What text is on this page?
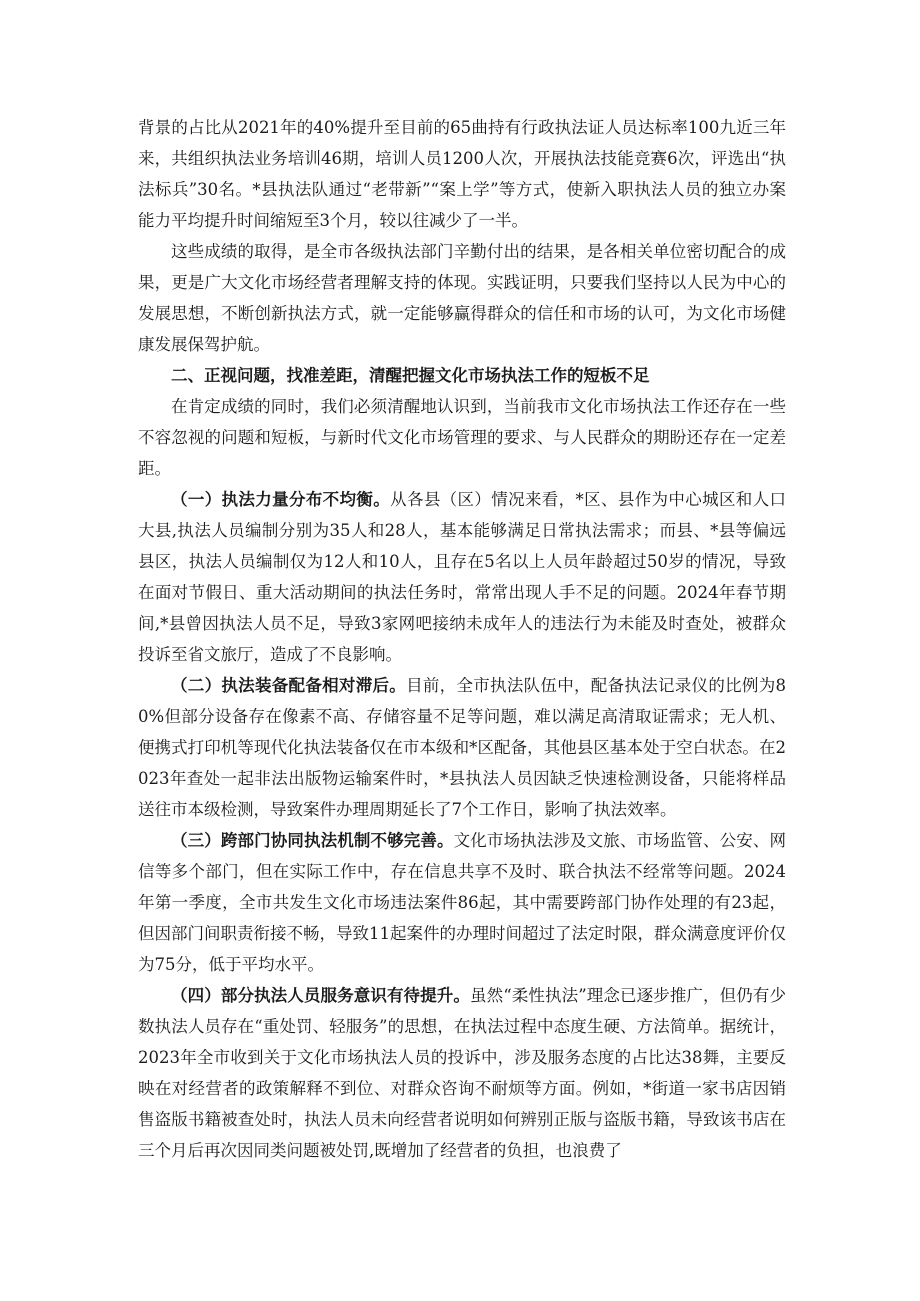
背景的占比从2021年的40%提升至目前的65曲持有行政执法证人员达标率100九近三年来，共组织执法业务培训46期，培训人员1200人次，开展执法技能竞赛6次，评选出“执法标兵”30名。*县执法队通过“老带新”“案上学”等方式，使新入职执法人员的独立办案能力平均提升时间缩短至3个月，较以往减少了一半。

这些成绩的取得，是全市各级执法部门辛勤付出的结果，是各相关单位密切配合的成果，更是广大文化市场经营者理解支持的体现。实践证明，只要我们坚持以人民为中心的发展思想，不断创新执法方式，就一定能够赢得群众的信任和市场的认可，为文化市场健康发展保驾护航。

二、正视问题，找准差距，清醒把握文化市场执法工作的短板不足

在肯定成绩的同时，我们必须清醒地认识到，当前我市文化市场执法工作还存在一些不容忽视的问题和短板，与新时代文化市场管理的要求、与人民群众的期盼还存在一定差距。

（一）执法力量分布不均衡。从各县（区）情况来看，*区、县作为中心城区和人口大县,执法人员编制分别为35人和28人，基本能够满足日常执法需求；而县、*县等偏远县区，执法人员编制仅为12人和10人，且存在5名以上人员年龄超过50岁的情况，导致在面对节假日、重大活动期间的执法任务时，常常出现人手不足的问题。2024年春节期间,*县曾因执法人员不足，导致3家网吧接纳未成年人的违法行为未能及时查处，被群众投诉至省文旅厅，造成了不良影响。

（二）执法装备配备相对滞后。目前，全市执法队伍中，配备执法记录仪的比例为80%但部分设备存在像素不高、存储容量不足等问题，难以满足高清取证需求；无人机、便携式打印机等现代化执法装备仅在市本级和*区配备，其他县区基本处于空白状态。在2023年查处一起非法出版物运输案件时，*县执法人员因缺乏快速检测设备，只能将样品送往市本级检测，导致案件办理周期延长了7个工作日，影响了执法效率。

（三）跨部门协同执法机制不够完善。文化市场执法涉及文旅、市场监管、公安、网信等多个部门，但在实际工作中，存在信息共享不及时、联合执法不经常等问题。2024年第一季度，全市共发生文化市场违法案件86起，其中需要跨部门协作处理的有23起，但因部门间职责衔接不畅，导致11起案件的办理时间超过了法定时限，群众满意度评价仅为75分，低于平均水平。

（四）部分执法人员服务意识有待提升。虽然“柔性执法”理念已逐步推广，但仍有少数执法人员存在“重处罚、轻服务”的思想，在执法过程中态度生硬、方法简单。据统计，2023年全市收到关于文化市场执法人员的投诉中，涉及服务态度的占比达38舞，主要反映在对经营者的政策解释不到位、对群众咨询不耐烦等方面。例如，*街道一家书店因销售盗版书籍被查处时，执法人员未向经营者说明如何辨别正版与盗版书籍，导致该书店在三个月后再次因同类问题被处罚,既增加了经营者的负担，也浪费了
